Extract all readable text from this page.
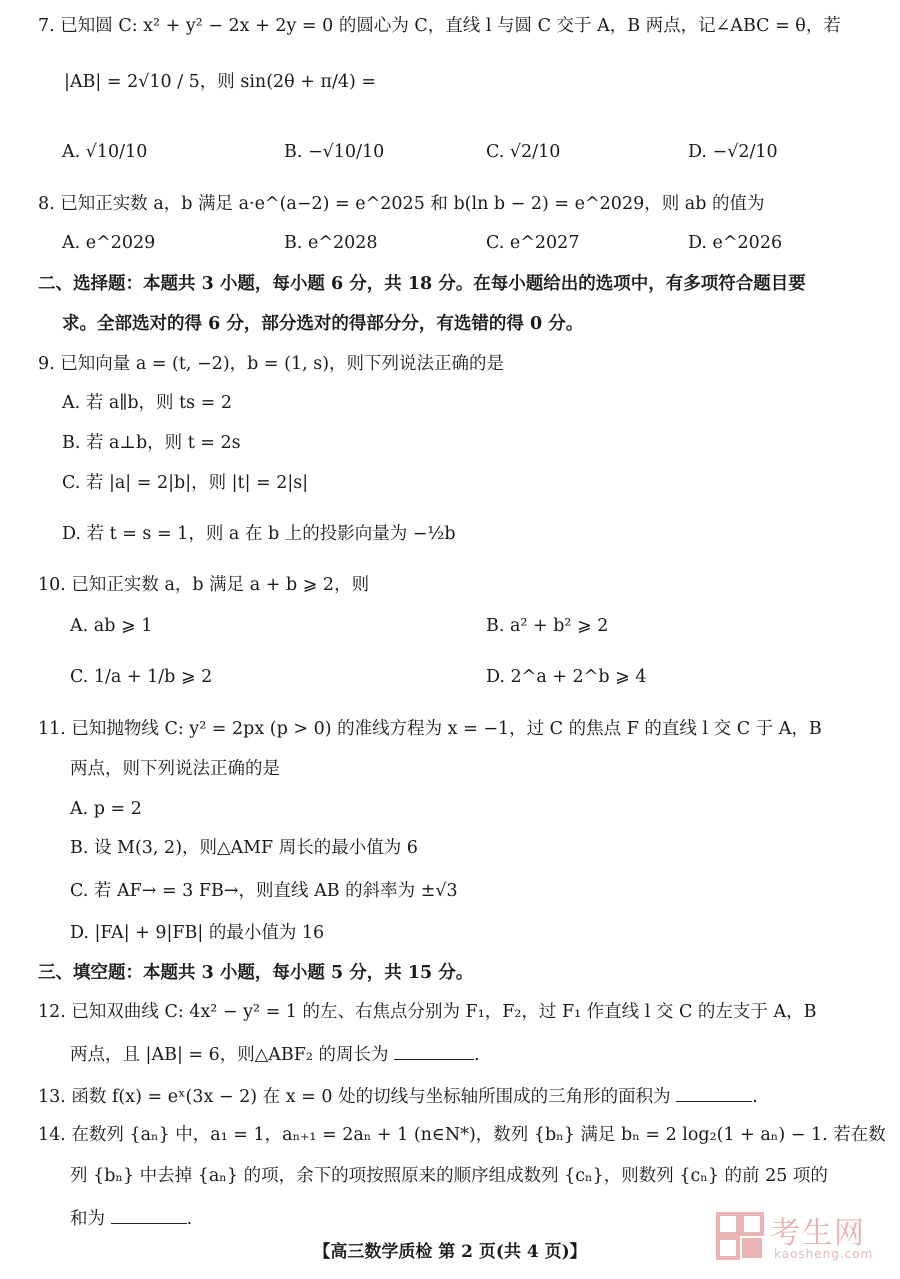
7. 已知圆 C: x² + y² − 2x + 2y = 0 的圆心为 C，直线 l 与圆 C 交于 A，B 两点，记∠ABC = θ，若
|AB| = 2√10 / 5，则 sin(2θ + π/4) =
A. √10/10	B. −√10/10	C. √2/10	D. −√2/10
8. 已知正实数 a，b 满足 a·e^(a−2) = e^2025 和 b(ln b − 2) = e^2029，则 ab 的值为
A. e^2029	B. e^2028	C. e^2027	D. e^2026
二、选择题：本题共 3 小题，每小题 6 分，共 18 分。在每小题给出的选项中，有多项符合题目要
求。全部选对的得 6 分，部分选对的得部分分，有选错的得 0 分。
9. 已知向量 a = (t, −2)，b = (1, s)，则下列说法正确的是
A. 若 a∥b，则 ts = 2
B. 若 a⊥b，则 t = 2s
C. 若 |a| = 2|b|，则 |t| = 2|s|
D. 若 t = s = 1，则 a 在 b 上的投影向量为 −½b
10. 已知正实数 a，b 满足 a + b ⩾ 2，则
A. ab ⩾ 1	B. a² + b² ⩾ 2
C. 1/a + 1/b ⩾ 2	D. 2^a + 2^b ⩾ 4
11. 已知抛物线 C: y² = 2px (p > 0) 的准线方程为 x = −1，过 C 的焦点 F 的直线 l 交 C 于 A，B
两点，则下列说法正确的是
A. p = 2
B. 设 M(3, 2)，则△AMF 周长的最小值为 6
C. 若 AF→ = 3 FB→，则直线 AB 的斜率为 ±√3
D. |FA| + 9|FB| 的最小值为 16
三、填空题：本题共 3 小题，每小题 5 分，共 15 分。
12. 已知双曲线 C: 4x² − y² = 1 的左、右焦点分别为 F₁，F₂，过 F₁ 作直线 l 交 C 的左支于 A，B
两点，且 |AB| = 6，则△ABF₂ 的周长为	.
13. 函数 f(x) = eˣ(3x − 2) 在 x = 0 处的切线与坐标轴所围成的三角形的面积为	.
14. 在数列 {aₙ} 中，a₁ = 1，aₙ₊₁ = 2aₙ + 1 (n∈N*)，数列 {bₙ} 满足 bₙ = 2 log₂(1 + aₙ) − 1. 若在数
列 {bₙ} 中去掉 {aₙ} 的项，余下的项按照原来的顺序组成数列 {cₙ}，则数列 {cₙ} 的前 25 项的
和为	.
【高三数学质检 第 2 页(共 4 页)】
考生网
kaosheng.com
